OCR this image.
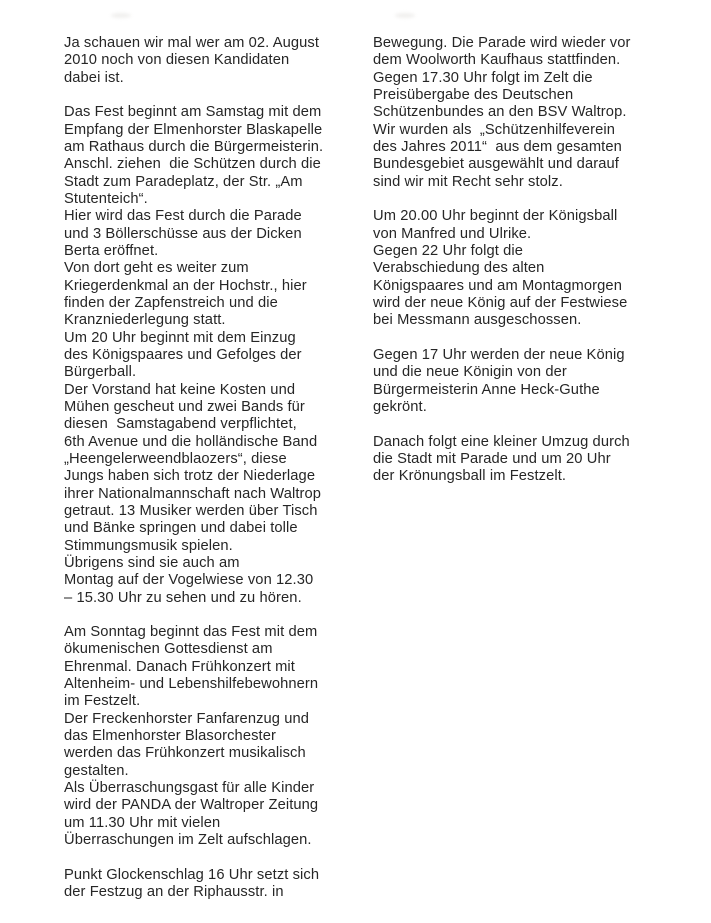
Ja schauen wir mal wer am 02. August
2010 noch von diesen Kandidaten
dabei ist.
Das Fest beginnt am Samstag mit dem
Empfang der Elmenhorster Blaskapelle
am Rathaus durch die Bürgermeisterin.
Anschl. ziehen  die Schützen durch die
Stadt zum Paradeplatz, der Str. „Am
Stutenteich“.
Hier wird das Fest durch die Parade
und 3 Böllerschüsse aus der Dicken
Berta eröffnet.
Von dort geht es weiter zum
Kriegerdenkmal an der Hochstr., hier
finden der Zapfenstreich und die
Kranzniederlegung statt.
Um 20 Uhr beginnt mit dem Einzug
des Königspaares und Gefolges der
Bürgerball.
Der Vorstand hat keine Kosten und
Mühen gescheut und zwei Bands für
diesen  Samstagabend verpflichtet,
6th Avenue und die holländische Band
„Heengelerweendblaozers“, diese
Jungs haben sich trotz der Niederlage
ihrer Nationalmannschaft nach Waltrop
getraut. 13 Musiker werden über Tisch
und Bänke springen und dabei tolle
Stimmungsmusik spielen.
Übrigens sind sie auch am
Montag auf der Vogelwiese von 12.30
– 15.30 Uhr zu sehen und zu hören.
Am Sonntag beginnt das Fest mit dem
ökumenischen Gottesdienst am
Ehrenmal. Danach Frühkonzert mit
Altenheim- und Lebenshilfebewohnern
im Festzelt.
Der Freckenhorster Fanfarenzug und
das Elmenhorster Blasorchester
werden das Frühkonzert musikalisch
gestalten.
Als Überraschungsgast für alle Kinder
wird der PANDA der Waltroper Zeitung
um 11.30 Uhr mit vielen
Überraschungen im Zelt aufschlagen.
Punkt Glockenschlag 16 Uhr setzt sich
der Festzug an der Riphausstr. in
Bewegung. Die Parade wird wieder vor
dem Woolworth Kaufhaus stattfinden.
Gegen 17.30 Uhr folgt im Zelt die
Preisübergabe des Deutschen
Schützenbundes an den BSV Waltrop.
Wir wurden als  „Schützenhilfeverein
des Jahres 2011“  aus dem gesamten
Bundesgebiet ausgewählt und darauf
sind wir mit Recht sehr stolz.
Um 20.00 Uhr beginnt der Königsball
von Manfred und Ulrike.
Gegen 22 Uhr folgt die
Verabschiedung des alten
Königspaares und am Montagmorgen
wird der neue König auf der Festwiese
bei Messmann ausgeschossen.
Gegen 17 Uhr werden der neue König
und die neue Königin von der
Bürgermeisterin Anne Heck-Guthe
gekrönt.
Danach folgt eine kleiner Umzug durch
die Stadt mit Parade und um 20 Uhr
der Krönungsball im Festzelt.
